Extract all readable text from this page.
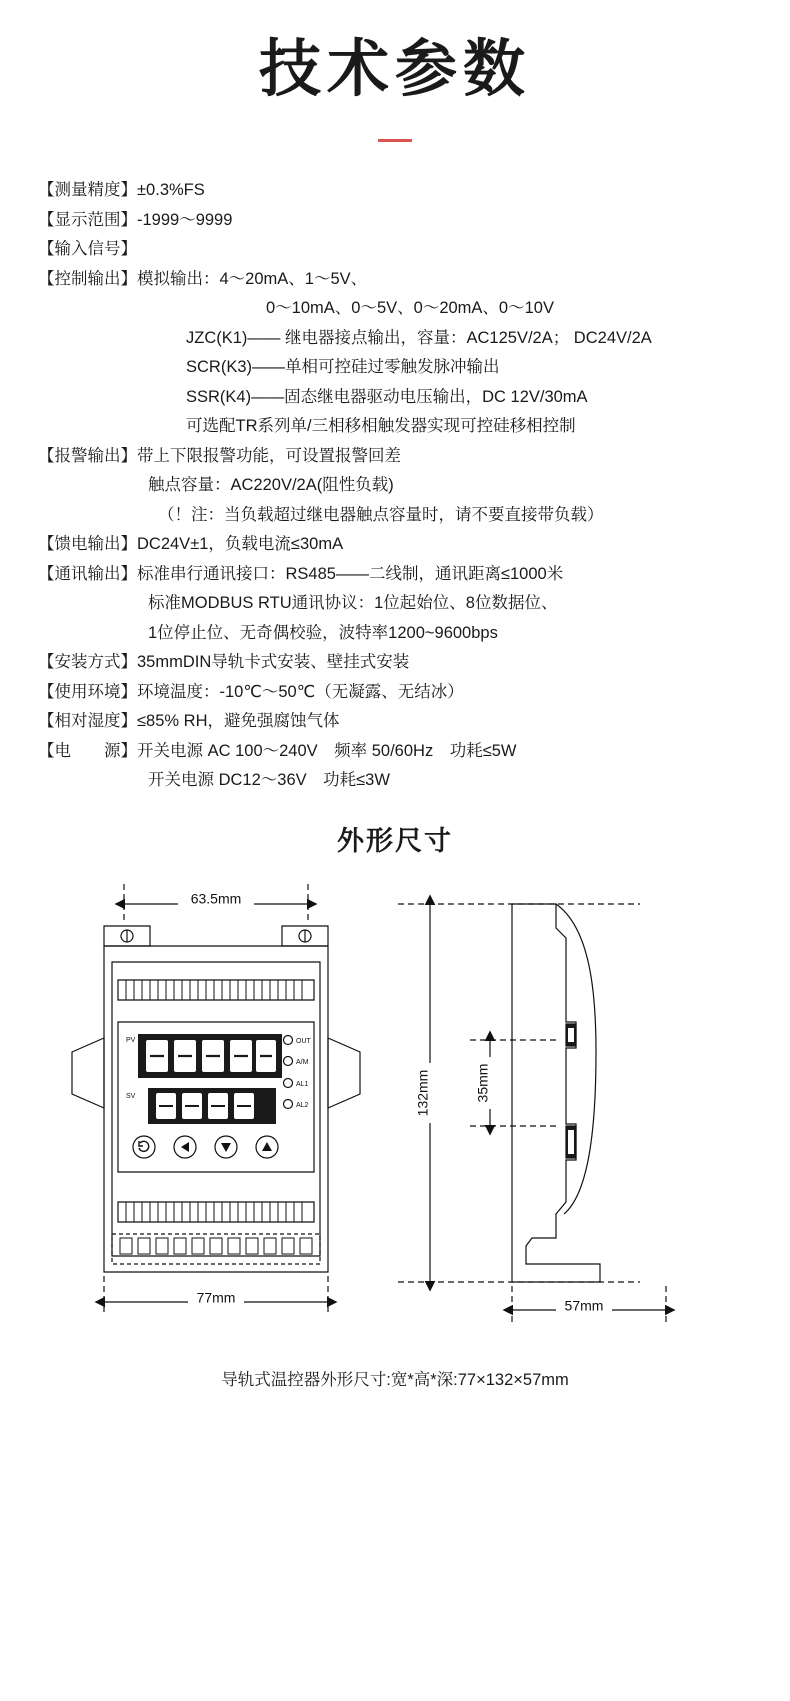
技术参数
【测量精度】 ±0.3%FS
【显示范围】 -1999〜9999
【输入信号】
【控制输出】 模拟输出：4〜20mA、1〜5V、
0〜10mA、0〜5V、0〜20mA、0〜10V
JZC(K1)—— 继电器接点输出，容量：AC125V/2A； DC24V/2A
SCR(K3)——单相可控硅过零触发脉冲输出
SSR(K4)——固态继电器驱动电压输出，DC 12V/30mA
可选配TR系列单/三相移相触发器实现可控硅移相控制
【报警输出】 带上下限报警功能，可设置报警回差
触点容量：AC220V/2A(阻性负载)
（！注：当负载超过继电器触点容量时，请不要直接带负载）
【馈电输出】 DC24V±1，负载电流≤30mA
【通讯输出】 标准串行通讯接口：RS485——二线制，通讯距离≤1000米
标准MODBUS RTU通讯协议：1位起始位、8位数据位、
1位停止位、无奇偶校验，波特率1200~9600bps
【安装方式】 35mmDIN导轨卡式安装、壁挂式安装
【使用环境】 环境温度：-10℃〜50℃（无凝露、无结冰）
【相对湿度】 ≤85% RH，避免强腐蚀气体
【电　　源】 开关电源 AC 100〜240V　频率 50/60Hz　功耗≤5W
开关电源 DC12〜36V　功耗≤3W
外形尺寸
63.5mm
77mm	57mm
132mm	35mm
PV
SV
OUT
A/M
AL1
AL2
导轨式温控器外形尺寸:宽*高*深:77×132×57mm
